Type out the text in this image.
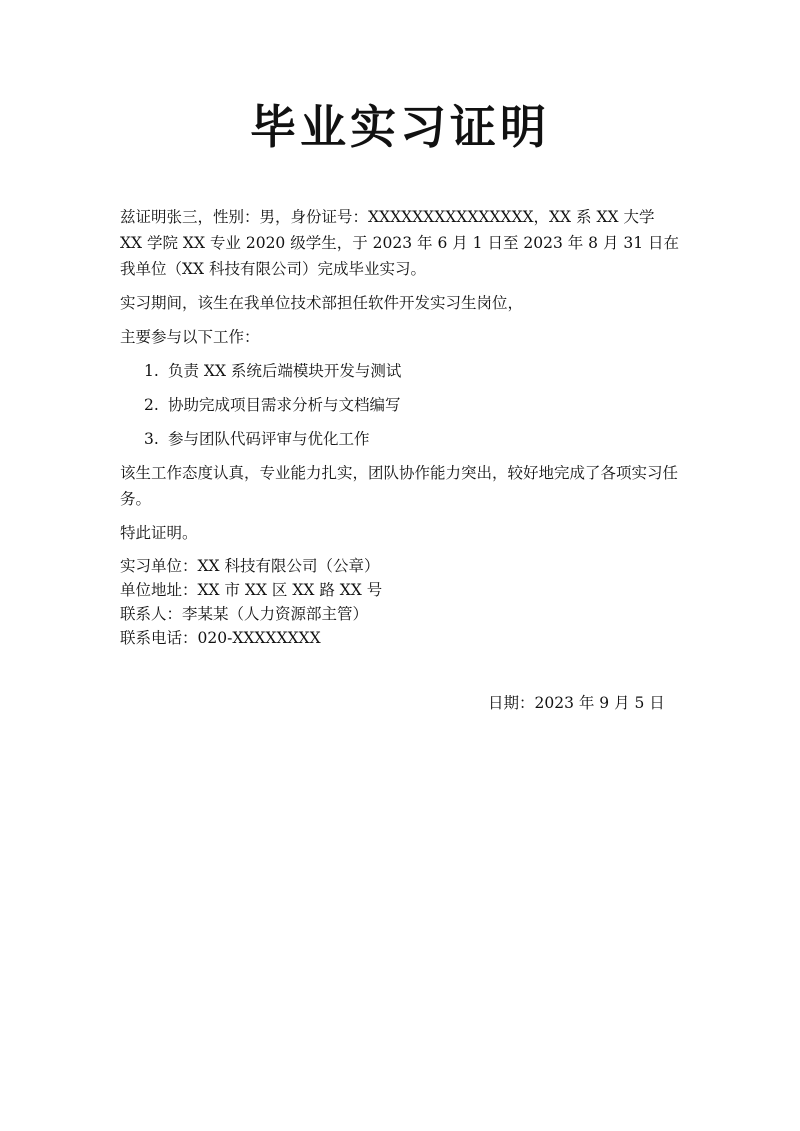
毕业实习证明

兹证明张三，性别：男，身份证号：XXXXXXXXXXXXXXX，XX 系 XX 大学 XX 学院 XX 专业 2020 级学生，于 2023 年 6 月 1 日至 2023 年 8 月 31 日在我单位（XX 科技有限公司）完成毕业实习。

实习期间，该生在我单位技术部担任软件开发实习生岗位，

主要参与以下工作：

1. 负责 XX 系统后端模块开发与测试
2. 协助完成项目需求分析与文档编写
3. 参与团队代码评审与优化工作

该生工作态度认真，专业能力扎实，团队协作能力突出，较好地完成了各项实习任务。

特此证明。

实习单位：XX 科技有限公司（公章）

单位地址：XX 市 XX 区 XX 路 XX 号

联系人：李某某（人力资源部主管）

联系电话：020-XXXXXXXX

日期：2023 年 9 月 5 日
